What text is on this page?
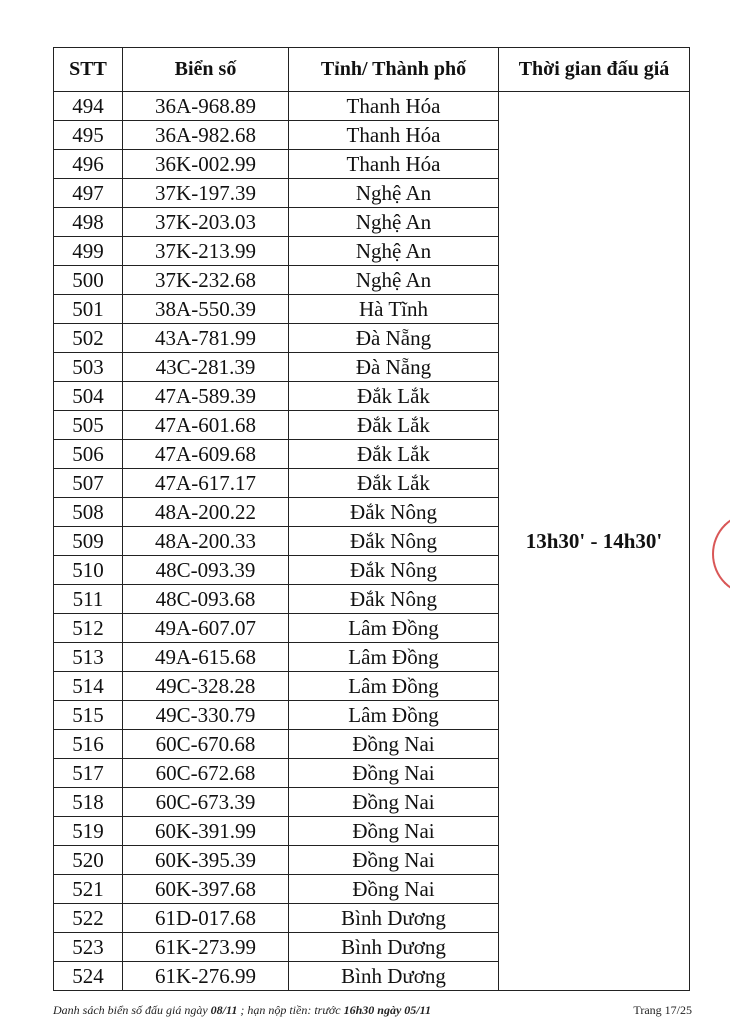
STT	Biển số	Tỉnh/ Thành phố	Thời gian đấu giá
494	36A-968.89	Thanh Hóa	13h30' - 14h30'
495	36A-982.68	Thanh Hóa	
496	36K-002.99	Thanh Hóa	
497	37K-197.39	Nghệ An	
498	37K-203.03	Nghệ An	
499	37K-213.99	Nghệ An	
500	37K-232.68	Nghệ An	
501	38A-550.39	Hà Tĩnh	
502	43A-781.99	Đà Nẵng	
503	43C-281.39	Đà Nẵng	
504	47A-589.39	Đắk Lắk	
505	47A-601.68	Đắk Lắk	
506	47A-609.68	Đắk Lắk	
507	47A-617.17	Đắk Lắk	
508	48A-200.22	Đắk Nông	
509	48A-200.33	Đắk Nông	
510	48C-093.39	Đắk Nông	
511	48C-093.68	Đắk Nông	
512	49A-607.07	Lâm Đồng	
513	49A-615.68	Lâm Đồng	
514	49C-328.28	Lâm Đồng	
515	49C-330.79	Lâm Đồng	
516	60C-670.68	Đồng Nai	
517	60C-672.68	Đồng Nai	
518	60C-673.39	Đồng Nai	
519	60K-391.99	Đồng Nai	
520	60K-395.39	Đồng Nai	
521	60K-397.68	Đồng Nai	
522	61D-017.68	Bình Dương	
523	61K-273.99	Bình Dương	
524	61K-276.99	Bình Dương	
Danh sách biển số đấu giá ngày 08/11 ; hạn nộp tiền: trước 16h30 ngày 05/11	Trang 17/25
